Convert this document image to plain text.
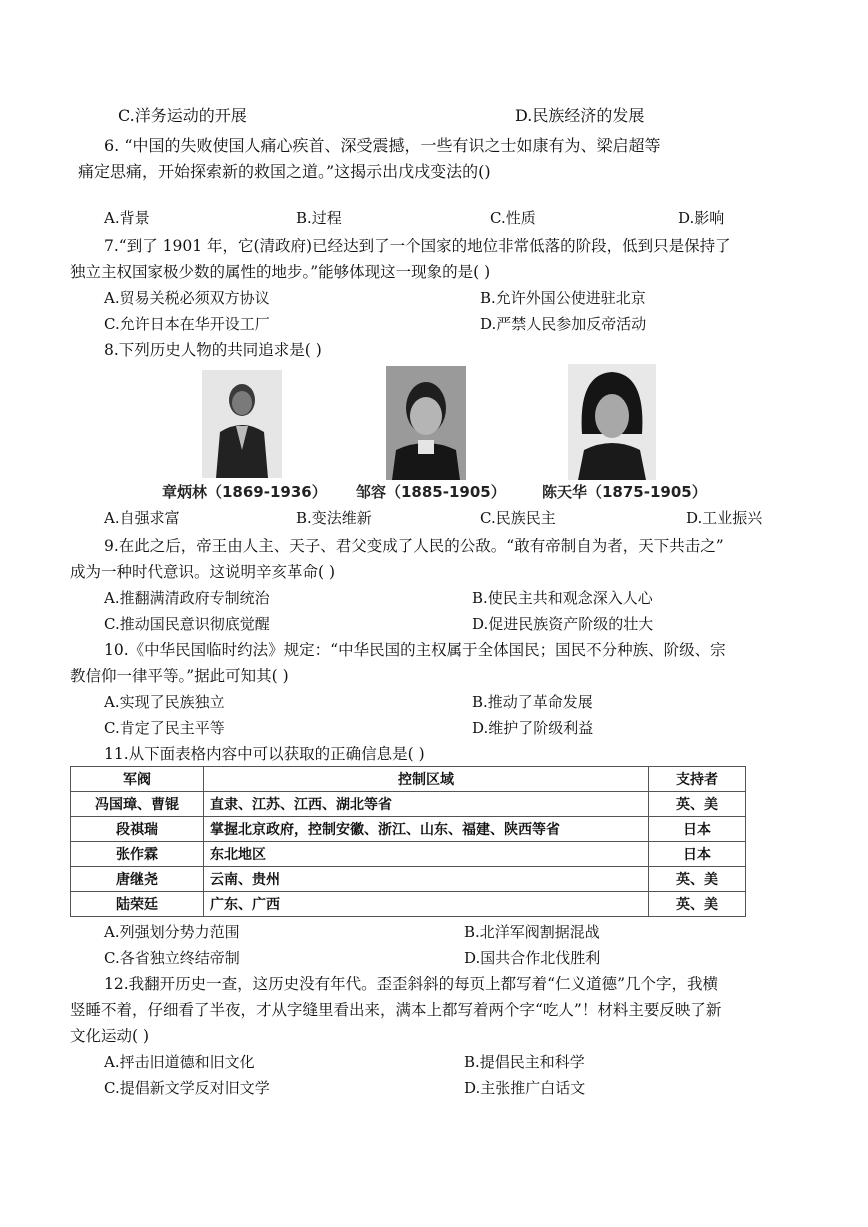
C.洋务运动的开展	D.民族经济的发展
6. “中国的失败使国人痛心疾首、深受震撼，一些有识之士如康有为、梁启超等
痛定思痛，开始探索新的救国之道。”这揭示出戊戌变法的()
A.背景	B.过程	C.性质	D.影响
7.“到了 1901 年，它(清政府)已经达到了一个国家的地位非常低落的阶段，低到只是保持了
独立主权国家极少数的属性的地步。”能够体现这一现象的是( )
A.贸易关税必须双方协议	B.允许外国公使进驻北京
C.允许日本在华开设工厂	D.严禁人民参加反帝活动
8.下列历史人物的共同追求是( )
章炳林（1869-1936） 邹容（1885-1905） 陈天华（1875-1905）
A.自强求富	B.变法维新	C.民族民主	D.工业振兴
9.在此之后，帝王由人主、天子、君父变成了人民的公敌。“敢有帝制自为者，天下共击之”
成为一种时代意识。这说明辛亥革命( )
A.推翻满清政府专制统治	B.使民主共和观念深入人心
C.推动国民意识彻底觉醒	D.促进民族资产阶级的壮大
10.《中华民国临时约法》规定：“中华民国的主权属于全体国民；国民不分种族、阶级、宗
教信仰一律平等。”据此可知其( )
A.实现了民族独立	B.推动了革命发展
C.肯定了民主平等	D.维护了阶级利益
11.从下面表格内容中可以获取的正确信息是( )
军阀	控制区域	支持者
冯国璋、曹锟	直隶、江苏、江西、湖北等省	英、美
段祺瑞	掌握北京政府，控制安徽、浙江、山东、福建、陕西等省	日本
张作霖	东北地区	日本
唐继尧	云南、贵州	英、美
陆荣廷	广东、广西	英、美
A.列强划分势力范围	B.北洋军阀割据混战
C.各省独立终结帝制	D.国共合作北伐胜利
12.我翻开历史一查，这历史没有年代。歪歪斜斜的每页上都写着“仁义道德”几个字，我横
竖睡不着，仔细看了半夜，才从字缝里看出来，满本上都写着两个字“吃人”！材料主要反映了新
文化运动( )
A.抨击旧道德和旧文化	B.提倡民主和科学
C.提倡新文学反对旧文学	D.主张推广白话文
